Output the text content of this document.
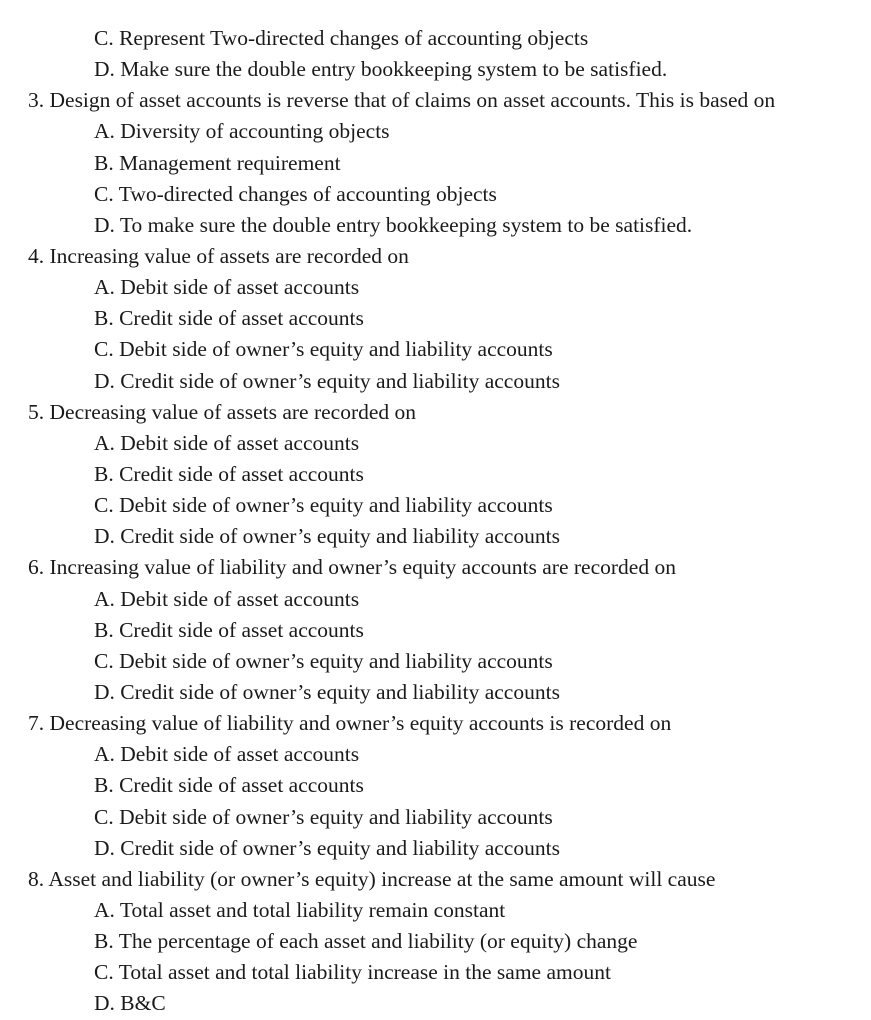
C. Represent Two-directed changes of accounting objects
D. Make sure the double entry bookkeeping system to be satisfied.
3. Design of asset accounts is reverse that of claims on asset accounts. This is based on
A. Diversity of accounting objects
B. Management requirement
C. Two-directed changes of accounting objects
D. To make sure the double entry bookkeeping system to be satisfied.
4. Increasing value of assets are recorded on
A. Debit side of asset accounts
B. Credit side of asset accounts
C. Debit side of owner’s equity and liability accounts
D. Credit side of owner’s equity and liability accounts
5. Decreasing value of assets are recorded on
A. Debit side of asset accounts
B. Credit side of asset accounts
C. Debit side of owner’s equity and liability accounts
D. Credit side of owner’s equity and liability accounts
6. Increasing value of liability and owner’s equity accounts are recorded on
A. Debit side of asset accounts
B. Credit side of asset accounts
C. Debit side of owner’s equity and liability accounts
D. Credit side of owner’s equity and liability accounts
7. Decreasing value of liability and owner’s equity accounts is recorded on
A. Debit side of asset accounts
B. Credit side of asset accounts
C. Debit side of owner’s equity and liability accounts
D. Credit side of owner’s equity and liability accounts
8. Asset and liability (or owner’s equity) increase at the same amount will cause
A. Total asset and total liability remain constant
B. The percentage of each asset and liability (or equity) change
C. Total asset and total liability increase in the same amount
D. B&C
